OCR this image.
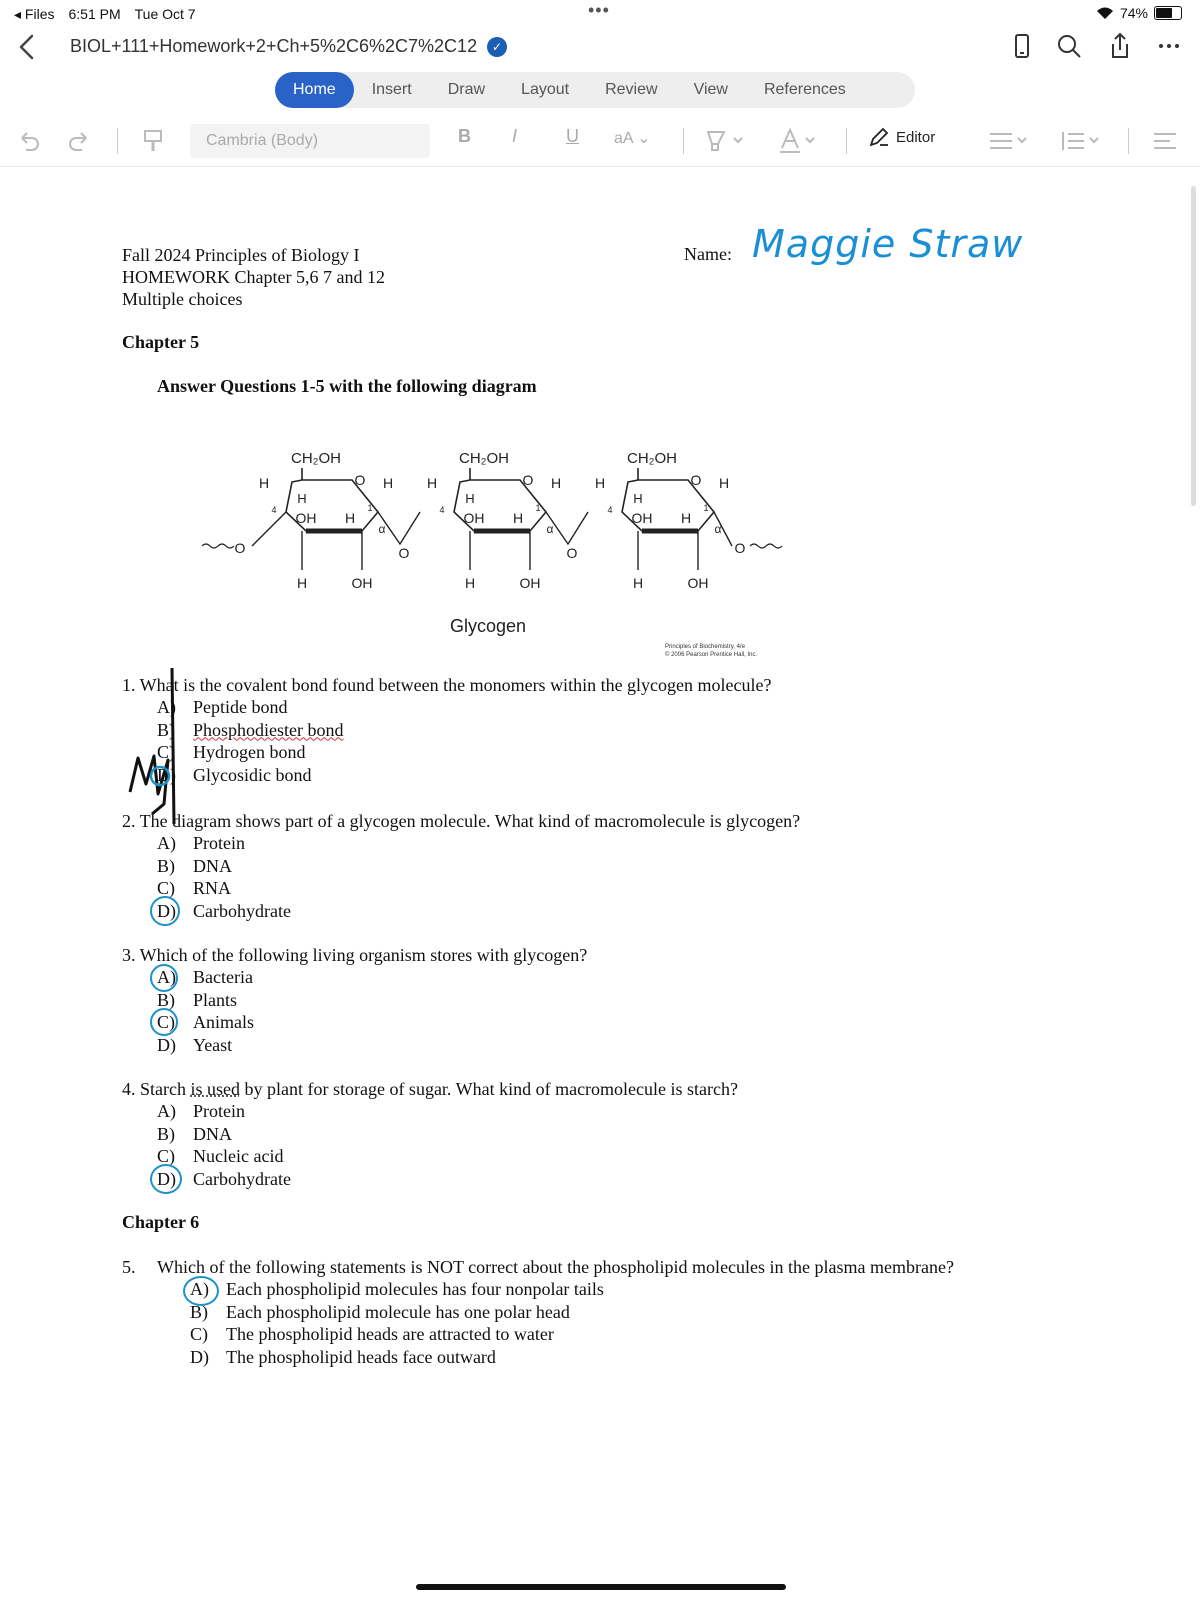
◂ Files 6:51 PM Tue Oct 7	•••	74%
BIOL+111+Homework+2+Ch+5%2C6%2C7%2C12	✓
Home	Insert	Draw	Layout	Review	View	References
Cambria (Body)	B I	U aA ⌄	Editor
Fall 2024 Principles of Biology I
HOMEWORK Chapter 5,6 7 and 12
Multiple choices
Name: Maggie Straw
Chapter 5
Answer Questions 1-5 with the following diagram
CH₂OH
O
H
H
OH H
H	OH
4	1
α
H
O
CH₂OH
O
H
H
OH H
H	OH
4	1
α
H
O
CH₂OH
O
H
H
OH H
H	OH
4	1
α
H
O	O
Glycogen
Principles of Biochemistry, 4/e
© 2006 Pearson Prentice Hall, Inc.
1. What is the covalent bond found between the monomers within the glycogen molecule?
A) Peptide bond
B)	Phosphodiester bond
C)	Hydrogen bond
D) Glycosidic bond
2. The diagram shows part of a glycogen molecule. What kind of macromolecule is glycogen?
A) Protein
B)	DNA
C)	RNA
D) Carbohydrate
3. Which of the following living organism stores with glycogen?
A) Bacteria
B)	Plants
C)	Animals
D) Yeast
4. Starch is used by plant for storage of sugar. What kind of macromolecule is starch?
A) Protein
B)	DNA
C)	Nucleic acid
D) Carbohydrate
Chapter 6
5. Which of the following statements is NOT correct about the phospholipid molecules in the plasma membrane?
A) Each phospholipid molecules has four nonpolar tails
B)	Each phospholipid molecule has one polar head
C)	The phospholipid heads are attracted to water
D) The phospholipid heads face outward
